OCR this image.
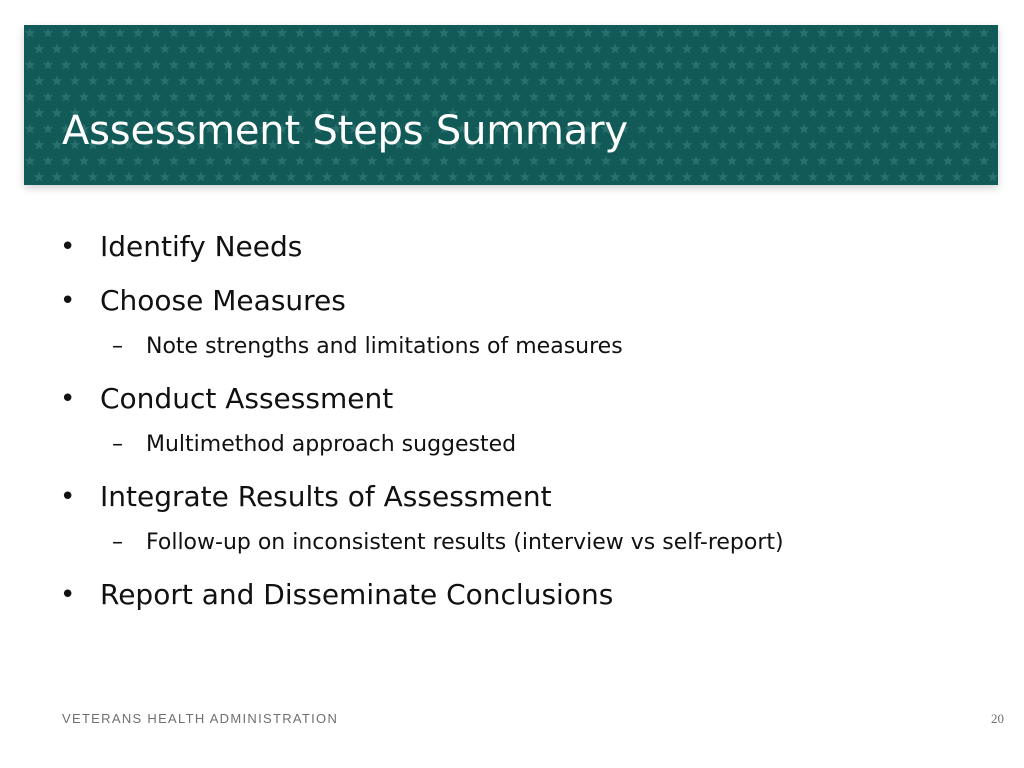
Assessment Steps Summary
• Identify Needs
• Choose Measures
– Note strengths and limitations of measures
• Conduct Assessment
– Multimethod approach suggested
• Integrate Results of Assessment
– Follow-up on inconsistent results (interview vs self-report)
• Report and Disseminate Conclusions
VETERANS HEALTH ADMINISTRATION	20
